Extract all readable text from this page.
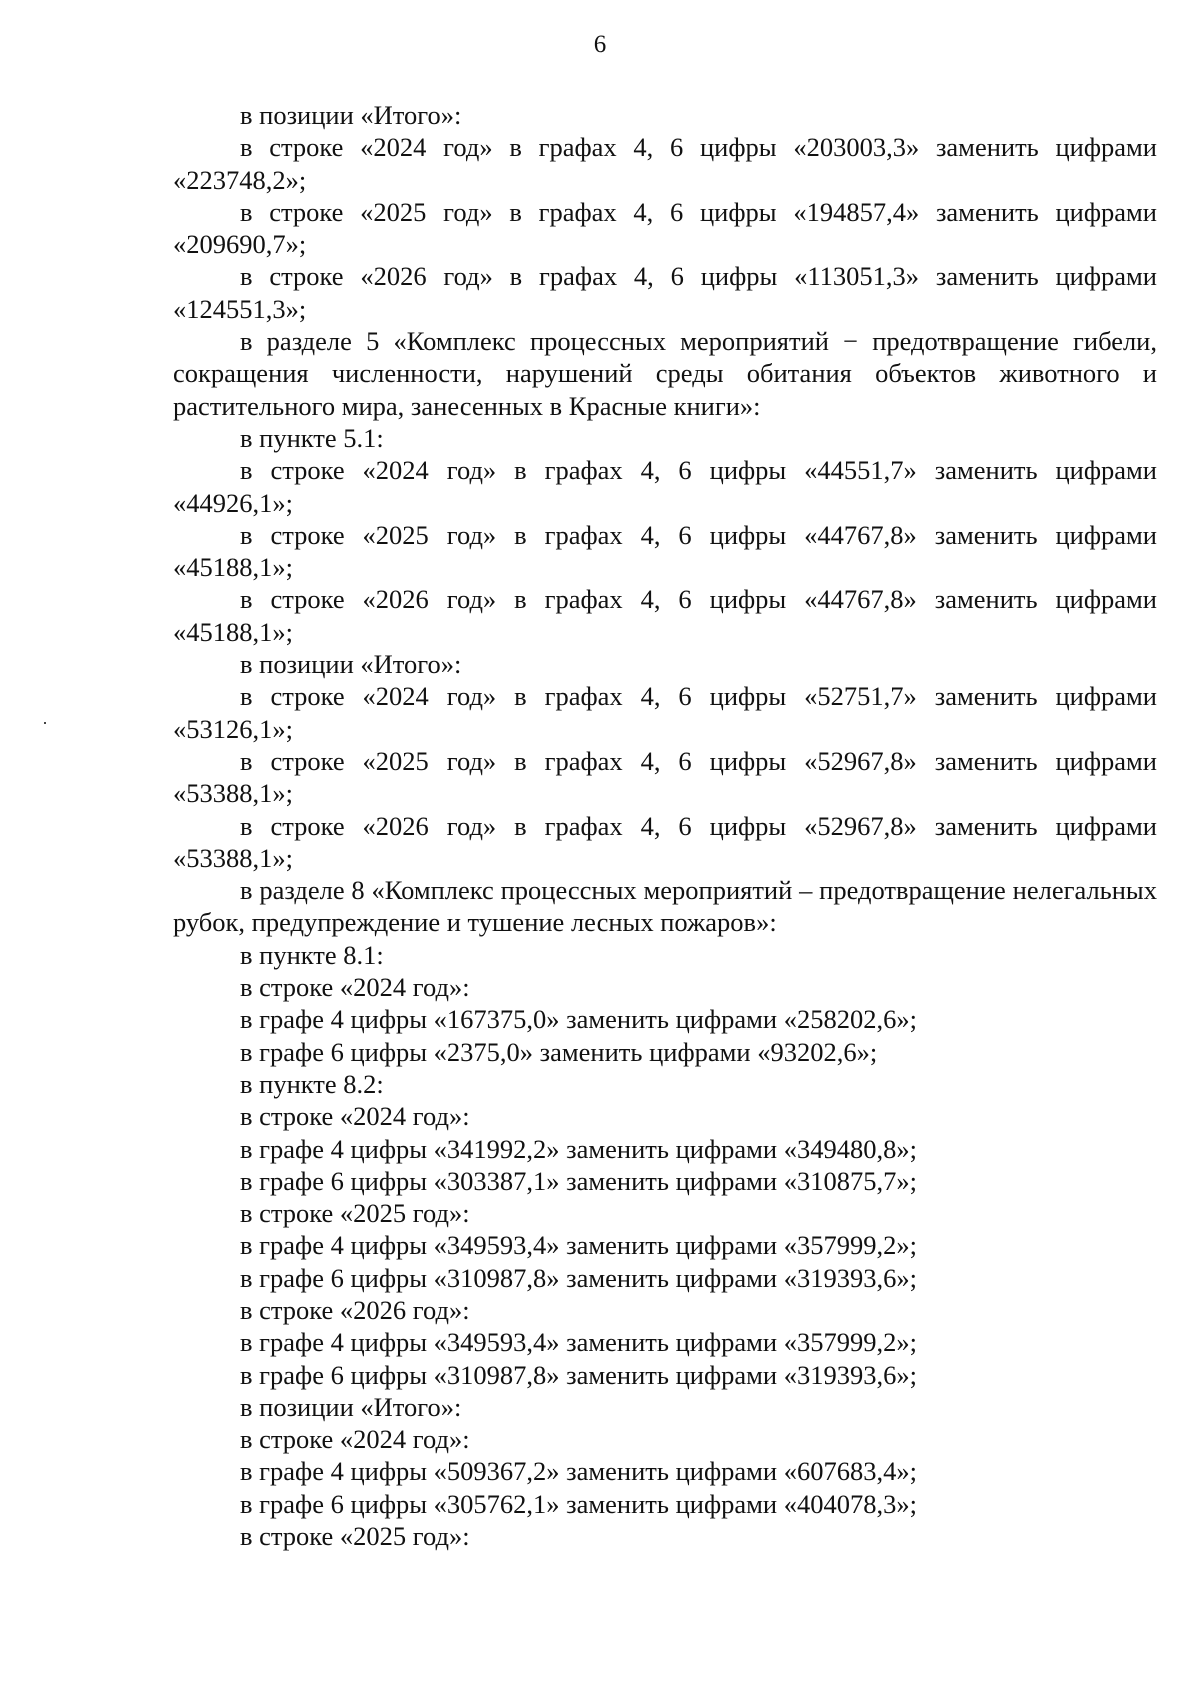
6

в позиции «Итого»:

в строке «2024 год» в графах 4, 6 цифры «203003,3» заменить цифрами «223748,2»;

в строке «2025 год» в графах 4, 6 цифры «194857,4» заменить цифрами «209690,7»;

в строке «2026 год» в графах 4, 6 цифры «113051,3» заменить цифрами «124551,3»;

в разделе 5 «Комплекс процессных мероприятий − предотвращение гибели, сокращения численности, нарушений среды обитания объектов животного и растительного мира, занесенных в Красные книги»:

в пункте 5.1:

в строке «2024 год» в графах 4, 6 цифры «44551,7» заменить цифрами «44926,1»;

в строке «2025 год» в графах 4, 6 цифры «44767,8» заменить цифрами «45188,1»;

в строке «2026 год» в графах 4, 6 цифры «44767,8» заменить цифрами «45188,1»;

в позиции «Итого»:

в строке «2024 год» в графах 4, 6 цифры «52751,7» заменить цифрами «53126,1»;

в строке «2025 год» в графах 4, 6 цифры «52967,8» заменить цифрами «53388,1»;

в строке «2026 год» в графах 4, 6 цифры «52967,8» заменить цифрами «53388,1»;

в разделе 8 «Комплекс процессных мероприятий – предотвращение нелегальных рубок, предупреждение и тушение лесных пожаров»:

в пункте 8.1:

в строке «2024 год»:

в графе 4 цифры «167375,0» заменить цифрами «258202,6»;

в графе 6 цифры «2375,0» заменить цифрами «93202,6»;

в пункте 8.2:

в строке «2024 год»:

в графе 4 цифры «341992,2» заменить цифрами «349480,8»;

в графе 6 цифры «303387,1» заменить цифрами «310875,7»;

в строке «2025 год»:

в графе 4 цифры «349593,4» заменить цифрами «357999,2»;

в графе 6 цифры «310987,8» заменить цифрами «319393,6»;

в строке «2026 год»:

в графе 4 цифры «349593,4» заменить цифрами «357999,2»;

в графе 6 цифры «310987,8» заменить цифрами «319393,6»;

в позиции «Итого»:

в строке «2024 год»:

в графе 4 цифры «509367,2» заменить цифрами «607683,4»;

в графе 6 цифры «305762,1» заменить цифрами «404078,3»;

в строке «2025 год»:
